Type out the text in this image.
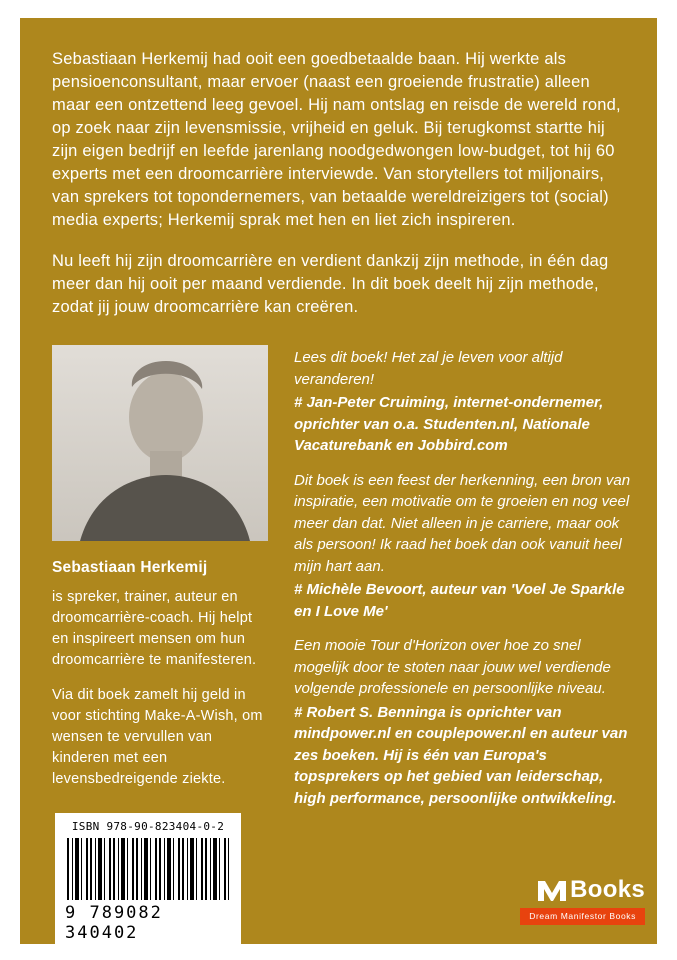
Sebastiaan Herkemij had ooit een goedbetaalde baan. Hij werkte als pensioenconsultant, maar ervoer (naast een groeiende frustratie) alleen maar een ontzettend leeg gevoel. Hij nam ontslag en reisde de wereld rond, op zoek naar zijn levensmissie, vrijheid en geluk. Bij terugkomst startte hij zijn eigen bedrijf en leefde jarenlang noodgedwongen low-budget, tot hij 60 experts met een droomcarrière interviewde. Van storytellers tot miljonairs, van sprekers tot topondernemers, van betaalde wereldreizigers tot (social) media experts; Herkemij sprak met hen en liet zich inspireren.

Nu leeft hij zijn droomcarrière en verdient dankzij zijn methode, in één dag meer dan hij ooit per maand verdiende. In dit boek deelt hij zijn methode, zodat jij jouw droomcarrière kan creëren.

Sebastiaan Herkemij

is spreker, trainer, auteur en droomcarrière-coach. Hij helpt en inspireert mensen om hun droomcarrière te manifesteren.

Via dit boek zamelt hij geld in voor stichting Make-A-Wish, om wensen te vervullen van kinderen met een levensbedreigende ziekte.

Lees dit boek! Het zal je leven voor altijd veranderen!

# Jan-Peter Cruiming, internet-ondernemer, oprichter van o.a. Studenten.nl, Nationale Vacaturebank en Jobbird.com

Dit boek is een feest der herkenning, een bron van inspiratie, een motivatie om te groeien en nog veel meer dan dat. Niet alleen in je carriere, maar ook als persoon! Ik raad het boek dan ook vanuit heel mijn hart aan.

# Michèle Bevoort, auteur van 'Voel Je Sparkle en I Love Me'

Een mooie Tour d'Horizon over hoe zo snel mogelijk door te stoten naar jouw wel verdiende volgende professionele en persoonlijke niveau.

# Robert S. Benninga is oprichter van mindpower.nl en couplepower.nl en auteur van zes boeken. Hij is één van Europa's topsprekers op het gebied van leiderschap, high performance, persoonlijke ontwikkeling.

ISBN 978-90-823404-0-2
9 789082 340402
Books
Dream Manifestor Books
